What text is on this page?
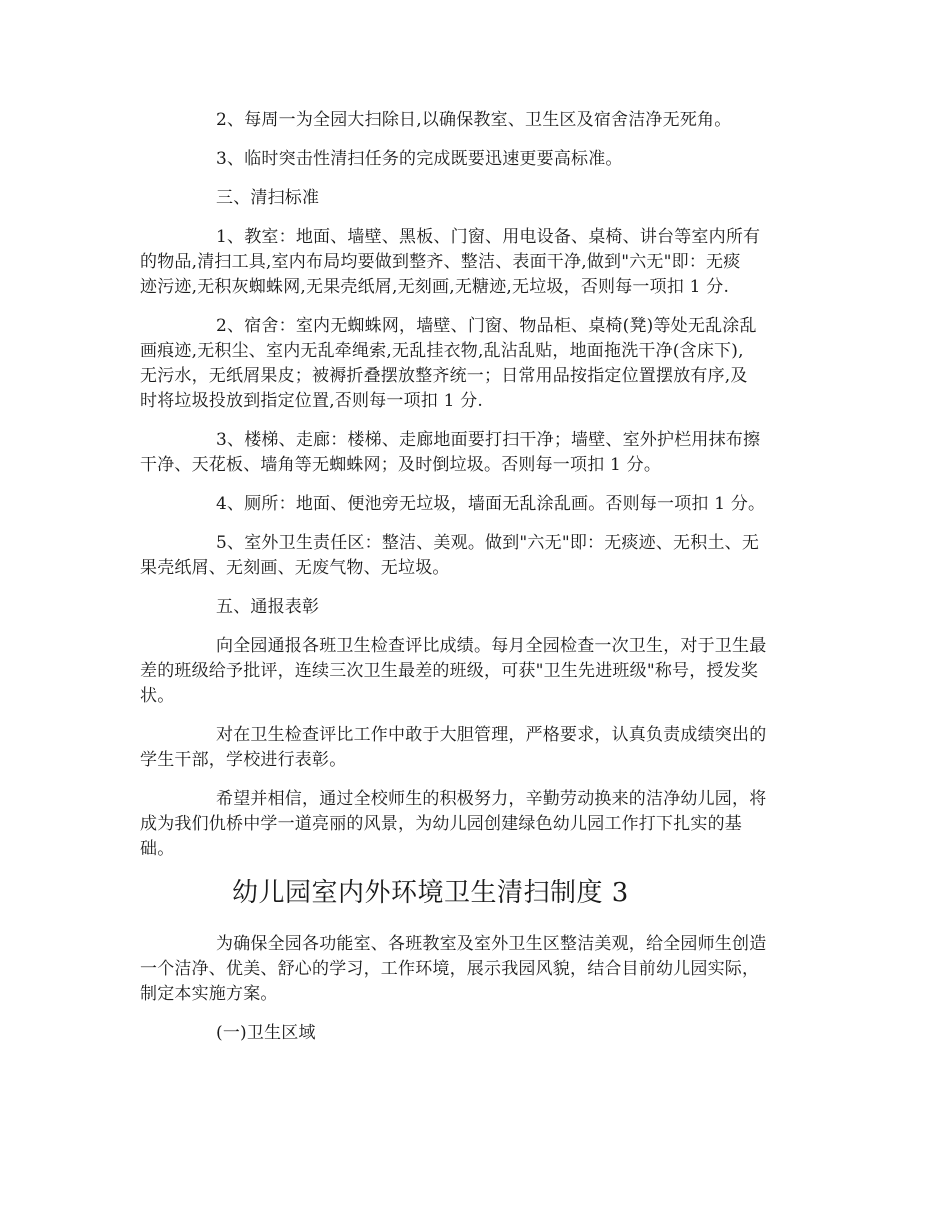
2、每周一为全园大扫除日,以确保教室、卫生区及宿舍洁净无死角。

3、临时突击性清扫任务的完成既要迅速更要高标准。

三、清扫标准

1、教室：地面、墙壁、黑板、门窗、用电设备、桌椅、讲台等室内所有
的物品,清扫工具,室内布局均要做到整齐、整洁、表面干净,做到"六无"即：无痰
迹污迹,无积灰蜘蛛网,无果壳纸屑,无刻画,无糖迹,无垃圾，否则每一项扣 1 分.

2、宿舍：室内无蜘蛛网，墙壁、门窗、物品柜、桌椅(凳)等处无乱涂乱
画痕迹,无积尘、室内无乱牵绳索,无乱挂衣物,乱沾乱贴，地面拖洗干净(含床下),
无污水，无纸屑果皮；被褥折叠摆放整齐统一；日常用品按指定位置摆放有序,及
时将垃圾投放到指定位置,否则每一项扣 1 分.

3、楼梯、走廊：楼梯、走廊地面要打扫干净；墙壁、室外护栏用抹布擦
干净、天花板、墙角等无蜘蛛网；及时倒垃圾。否则每一项扣 1 分。

4、厕所：地面、便池旁无垃圾，墙面无乱涂乱画。否则每一项扣 1 分。

5、室外卫生责任区：整洁、美观。做到"六无"即：无痰迹、无积土、无
果壳纸屑、无刻画、无废气物、无垃圾。

五、通报表彰

向全园通报各班卫生检查评比成绩。每月全园检查一次卫生，对于卫生最
差的班级给予批评，连续三次卫生最差的班级，可获"卫生先进班级"称号，授发奖
状。

对在卫生检查评比工作中敢于大胆管理，严格要求，认真负责成绩突出的
学生干部，学校进行表彰。

希望并相信，通过全校师生的积极努力，辛勤劳动换来的洁净幼儿园，将
成为我们仇桥中学一道亮丽的风景，为幼儿园创建绿色幼儿园工作打下扎实的基
础。

幼儿园室内外环境卫生清扫制度 3

为确保全园各功能室、各班教室及室外卫生区整洁美观，给全园师生创造
一个洁净、优美、舒心的学习，工作环境，展示我园风貌，结合目前幼儿园实际，
制定本实施方案。

(一)卫生区域
